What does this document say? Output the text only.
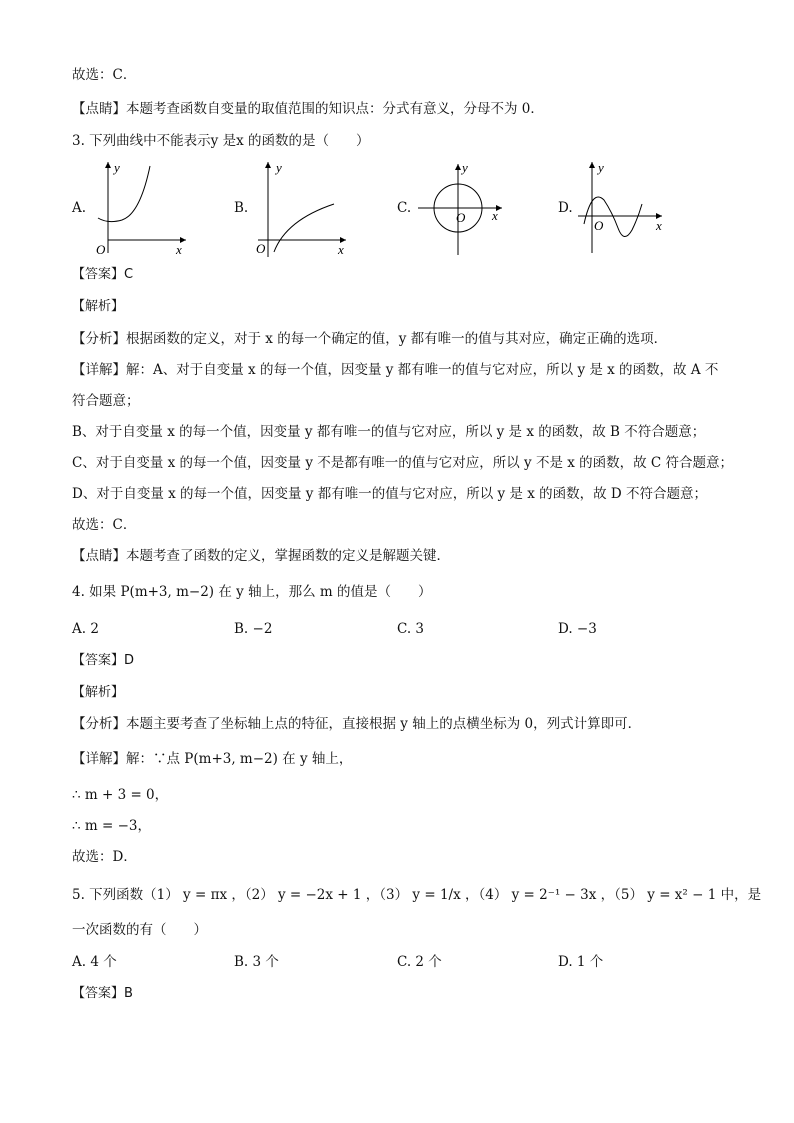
故选：C．
【点睛】本题考查函数自变量的取值范围的知识点：分式有意义，分母不为 0．
3. 下列曲线中不能表示y 是x 的函数的是（　　）
A.	B.	C.	D.
O	x
y
O	x
y
O x
y
O	x
y
【答案】C
【解析】
【分析】根据函数的定义，对于 x 的每一个确定的值，y 都有唯一的值与其对应，确定正确的选项．
【详解】解：A、对于自变量 x 的每一个值，因变量 y 都有唯一的值与它对应，所以 y 是 x 的函数，故 A 不
符合题意；
B、对于自变量 x 的每一个值，因变量 y 都有唯一的值与它对应，所以 y 是 x 的函数，故 B 不符合题意；
C、对于自变量 x 的每一个值，因变量 y 不是都有唯一的值与它对应，所以 y 不是 x 的函数，故 C 符合题意；
D、对于自变量 x 的每一个值，因变量 y 都有唯一的值与它对应，所以 y 是 x 的函数，故 D 不符合题意；
故选：C．
【点睛】本题考查了函数的定义，掌握函数的定义是解题关键．
4. 如果 P(m+3, m−2) 在 y 轴上，那么 m 的值是（　　）
A. 2	B. −2	C. 3	D. −3
【答案】D
【解析】
【分析】本题主要考查了坐标轴上点的特征，直接根据 y 轴上的点横坐标为 0，列式计算即可．
【详解】解：∵点 P(m+3, m−2) 在 y 轴上，
∴ m + 3 = 0，
∴ m = −3，
故选：D．
5. 下列函数（1） y = πx ，（2） y = −2x + 1 ，（3） y = 1/x ，（4） y = 2⁻¹ − 3x ，（5） y = x² − 1 中，是
一次函数的有（　　）
A. 4 个	B. 3 个	C. 2 个	D. 1 个
【答案】B
